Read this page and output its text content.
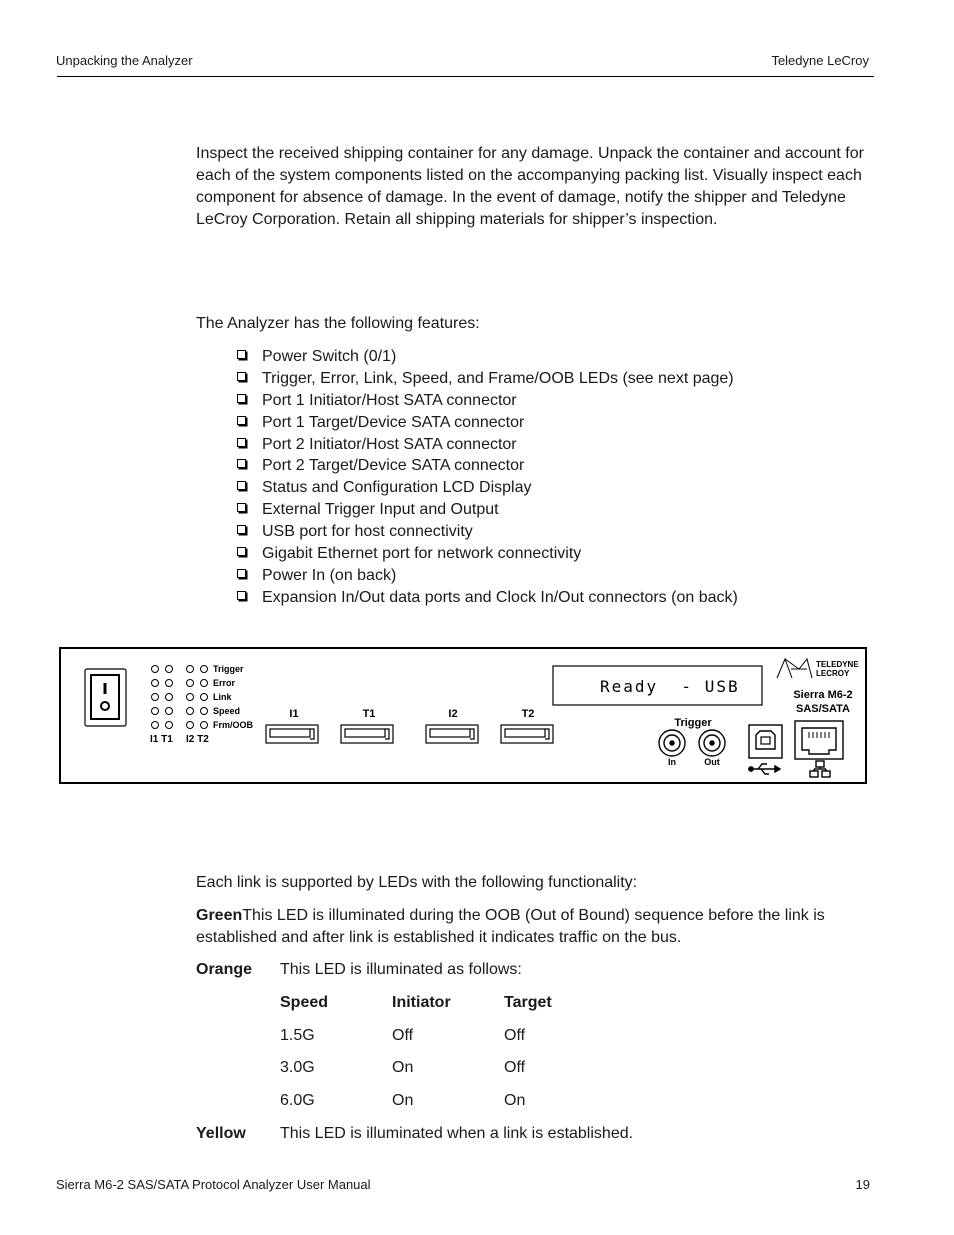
Unpacking the Analyzer	Teledyne LeCroy
Inspect the received shipping container for any damage. Unpack the container and account for each of the system components listed on the accompanying packing list. Visually inspect each component for absence of damage. In the event of damage, notify the shipper and Teledyne LeCroy Corporation. Retain all shipping materials for shipper’s inspection.
The Analyzer has the following features:
Power Switch (0/1)
Trigger, Error, Link, Speed, and Frame/OOB LEDs (see next page)
Port 1 Initiator/Host SATA connector
Port 1 Target/Device SATA connector
Port 2 Initiator/Host SATA connector
Port 2 Target/Device SATA connector
Status and Configuration LCD Display
External Trigger Input and Output
USB port for host connectivity
Gigabit Ethernet port for network connectivity
Power In (on back)
Expansion In/Out data ports and Clock In/Out connectors (on back)
Trigger
Error
Link
Speed
Frm/OOB
I1 T1 I2 T2
I1	T1	I2	T2
Ready  - USB
TELEDYNE
LECROY
Sierra M6-2
SAS/SATA
Trigger
In	Out
Each link is supported by LEDs with the following functionality:
GreenThis LED is illuminated during the OOB (Out of Bound) sequence before the link is established and after link is established it indicates traffic on the bus.
Orange This LED is illuminated as follows:
Speed	Initiator	Target
1.5G	Off	Off
3.0G	On	Off
6.0G	On	On
Yellow This LED is illuminated when a link is established.
Sierra M6-2 SAS/SATA Protocol Analyzer User Manual	19
